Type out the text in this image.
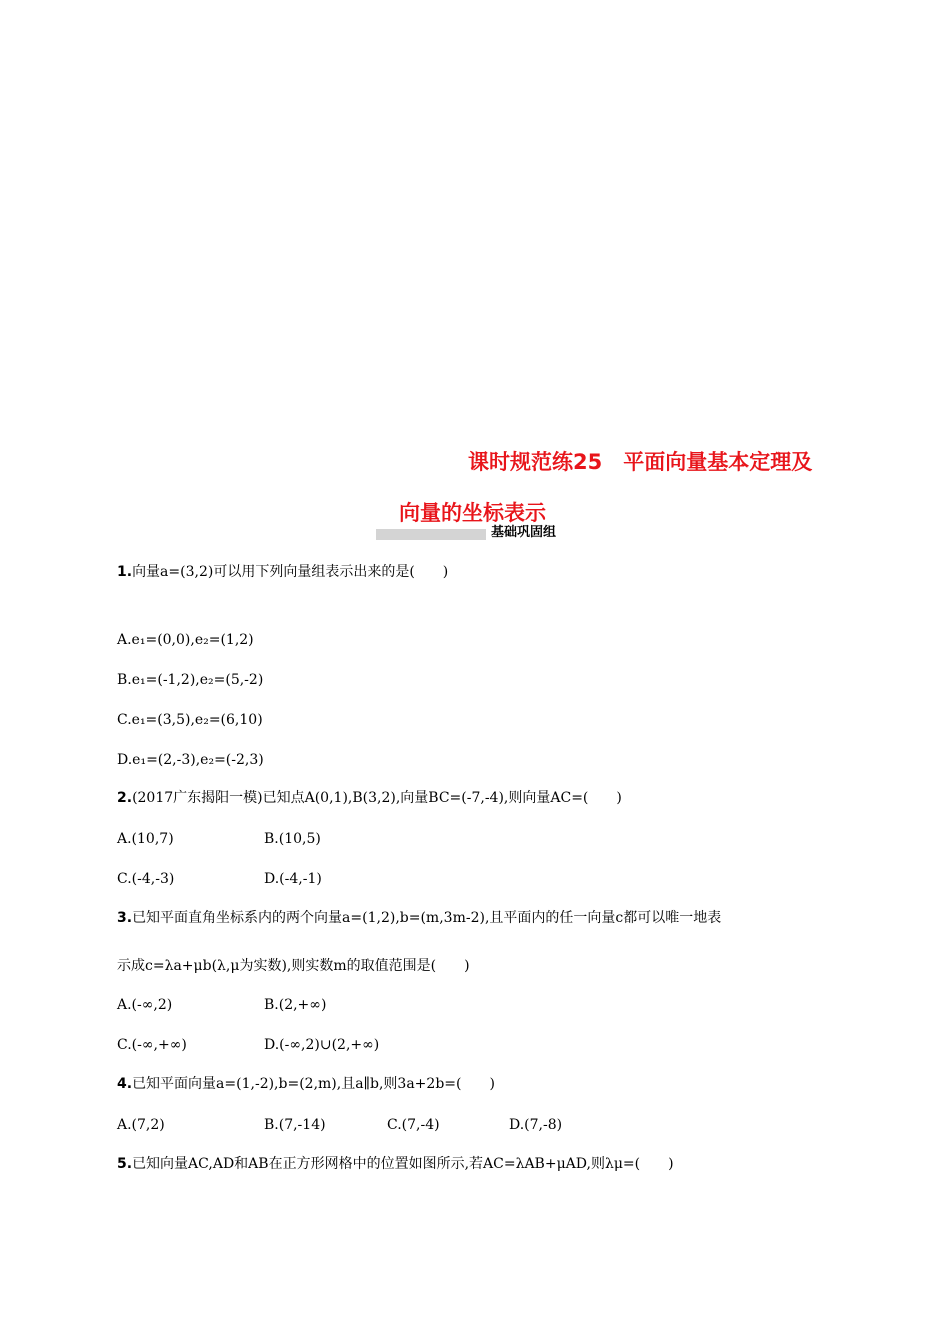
课时规范练25　平面向量基本定理及
向量的坐标表示
基础巩固组
1.向量a=(3,2)可以用下列向量组表示出来的是(　　)
A.e₁=(0,0),e₂=(1,2)
B.e₁=(-1,2),e₂=(5,-2)
C.e₁=(3,5),e₂=(6,10)
D.e₁=(2,-3),e₂=(-2,3)
2.(2017广东揭阳一模)已知点A(0,1),B(3,2),向量BC=(-7,-4),则向量AC=(　　)
A.(10,7)	B.(10,5)
C.(-4,-3)	D.(-4,-1)
3.已知平面直角坐标系内的两个向量a=(1,2),b=(m,3m-2),且平面内的任一向量c都可以唯一地表
示成c=λa+μb(λ,μ为实数),则实数m的取值范围是(　　)
A.(-∞,2)	B.(2,+∞)
C.(-∞,+∞)	D.(-∞,2)∪(2,+∞)
4.已知平面向量a=(1,-2),b=(2,m),且a∥b,则3a+2b=(　　)
A.(7,2)	B.(7,-14)	C.(7,-4)	D.(7,-8)
5.已知向量AC,AD和AB在正方形网格中的位置如图所示,若AC=λAB+μAD,则λμ=(　　)
